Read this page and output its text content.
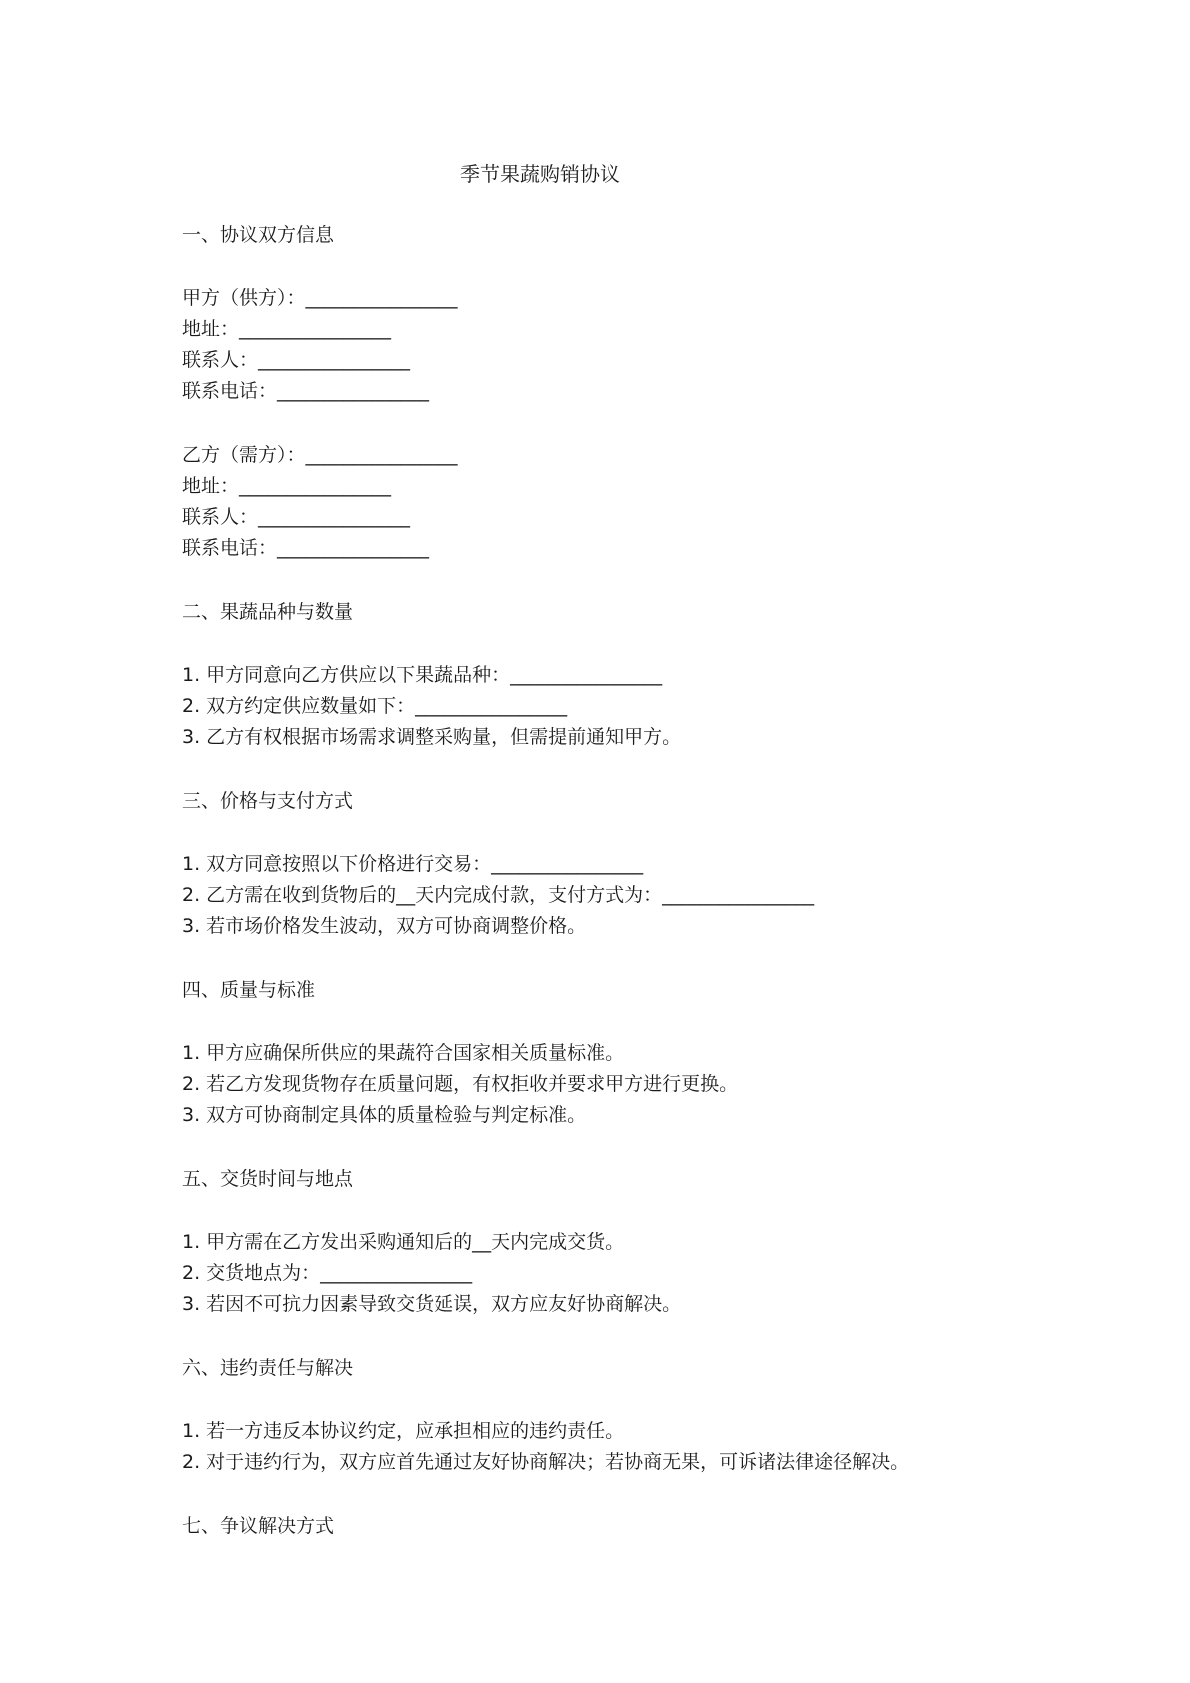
季节果蔬购销协议

一、协议双方信息

甲方（供方）：________________

地址：________________

联系人：________________

联系电话：________________

乙方（需方）：________________

地址：________________

联系人：________________

联系电话：________________

二、果蔬品种与数量

1. 甲方同意向乙方供应以下果蔬品种：________________

2. 双方约定供应数量如下：________________

3. 乙方有权根据市场需求调整采购量，但需提前通知甲方。

三、价格与支付方式

1. 双方同意按照以下价格进行交易：________________

2. 乙方需在收到货物后的__天内完成付款，支付方式为：________________

3. 若市场价格发生波动，双方可协商调整价格。

四、质量与标准

1. 甲方应确保所供应的果蔬符合国家相关质量标准。

2. 若乙方发现货物存在质量问题，有权拒收并要求甲方进行更换。

3. 双方可协商制定具体的质量检验与判定标准。

五、交货时间与地点

1. 甲方需在乙方发出采购通知后的__天内完成交货。

2. 交货地点为：________________

3. 若因不可抗力因素导致交货延误，双方应友好协商解决。

六、违约责任与解决

1. 若一方违反本协议约定，应承担相应的违约责任。

2. 对于违约行为，双方应首先通过友好协商解决；若协商无果，可诉诸法律途径解决。

七、争议解决方式
